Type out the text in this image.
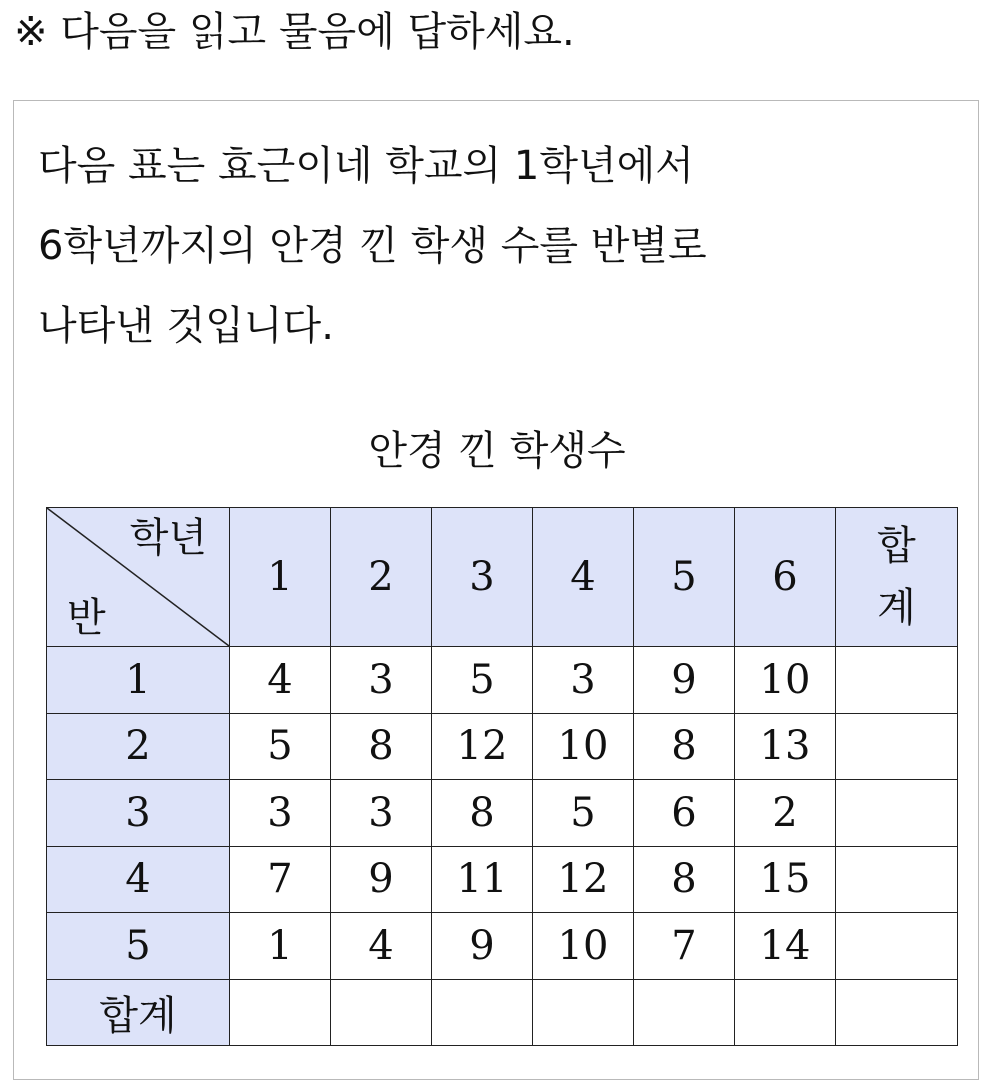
※ 다음을 읽고 물음에 답하세요.
다음 표는 효근이네 학교의 1학년에서
6학년까지의 안경 낀 학생 수를 반별로
나타낸 것입니다.
안경 낀 학생수
학년
반	1	2	3	4	5	6	합
계

1	4	3	5	3	9	10	
2	5	8	12	10	8	13	
3	3	3	8	5	6	2	
4	7	9	11	12	8	15	
5	1	4	9	10	7	14	
합계							
